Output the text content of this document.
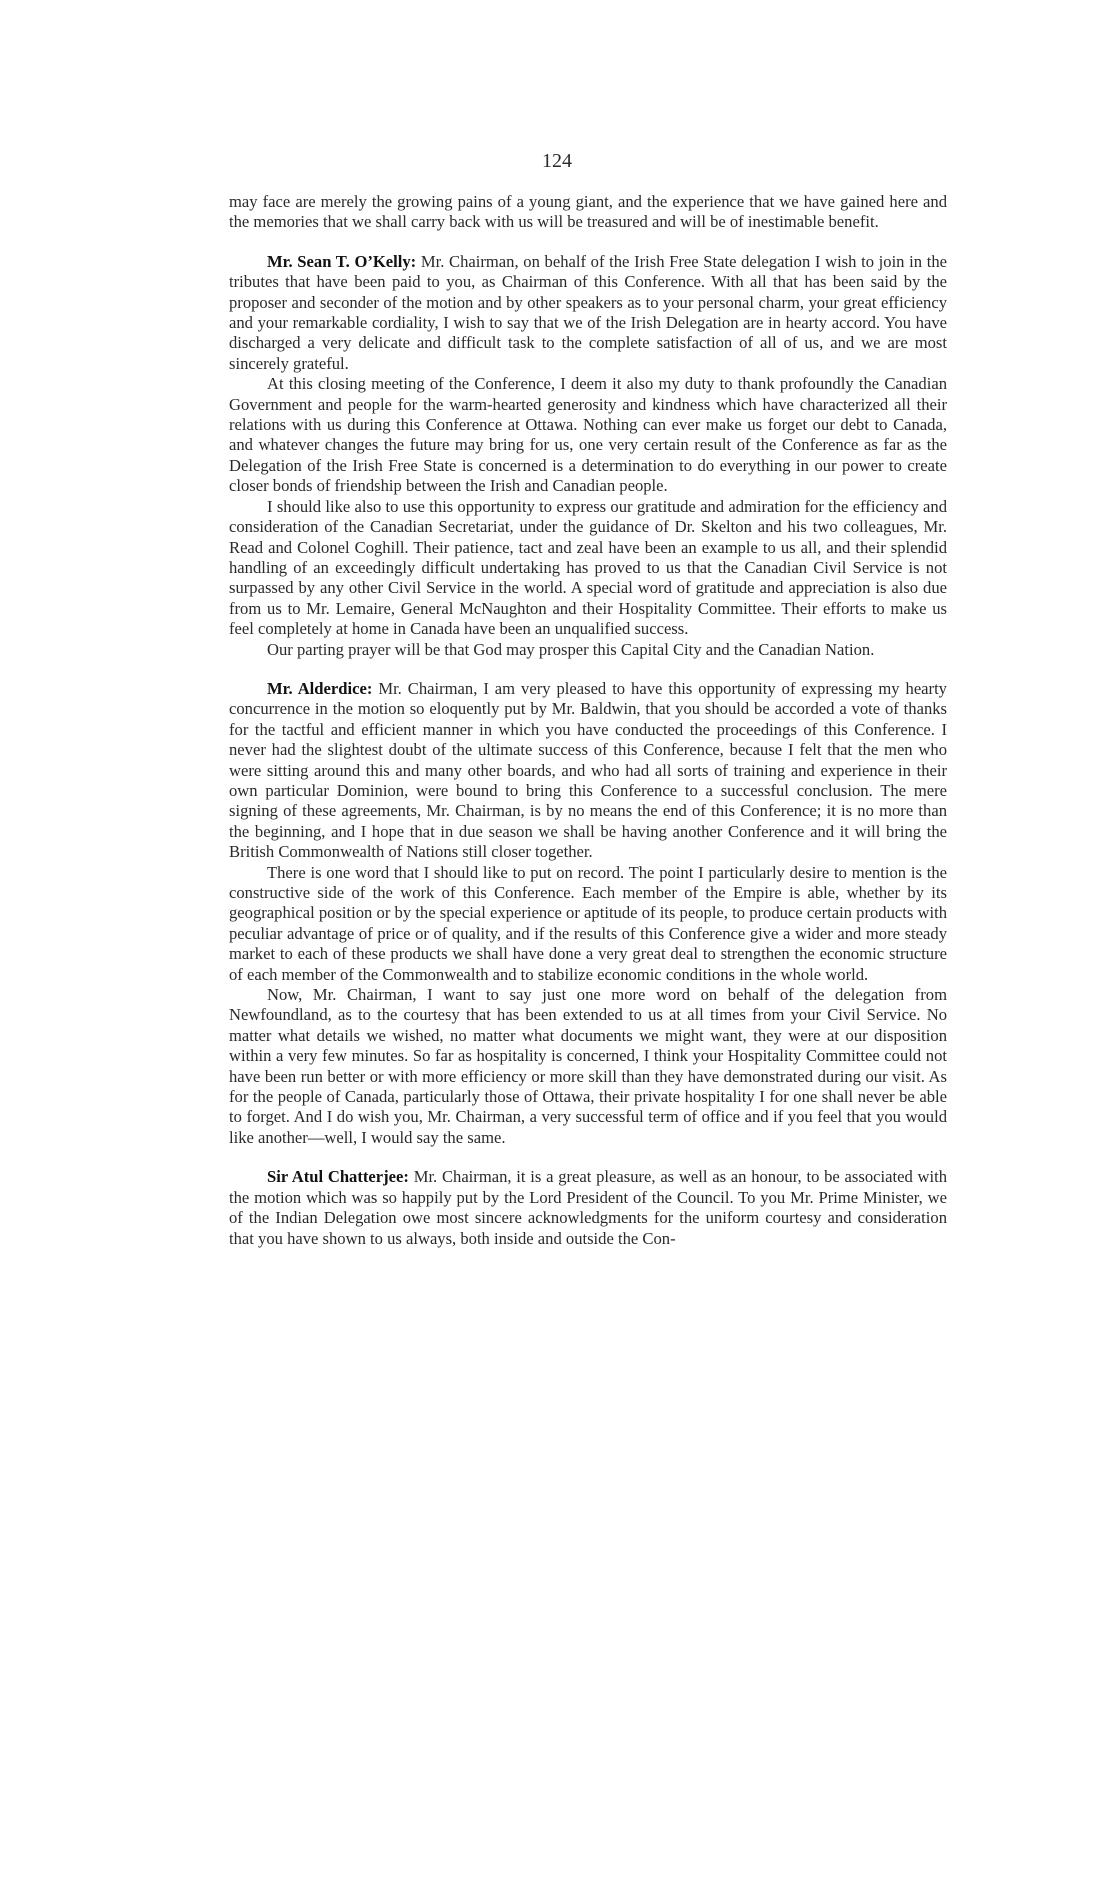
124

may face are merely the growing pains of a young giant, and the experience that we have gained here and the memories that we shall carry back with us will be treasured and will be of inestimable benefit.

Mr. Sean T. O’Kelly: Mr. Chairman, on behalf of the Irish Free State delegation I wish to join in the tributes that have been paid to you, as Chairman of this Conference. With all that has been said by the proposer and seconder of the motion and by other speakers as to your personal charm, your great efficiency and your remarkable cordiality, I wish to say that we of the Irish Delegation are in hearty accord. You have discharged a very delicate and difficult task to the complete satisfaction of all of us, and we are most sincerely grateful.

At this closing meeting of the Conference, I deem it also my duty to thank profoundly the Canadian Government and people for the warm-hearted generosity and kindness which have characterized all their relations with us during this Conference at Ottawa. Nothing can ever make us forget our debt to Canada, and whatever changes the future may bring for us, one very certain result of the Conference as far as the Delegation of the Irish Free State is concerned is a determination to do everything in our power to create closer bonds of friendship between the Irish and Canadian people.

I should like also to use this opportunity to express our gratitude and admiration for the efficiency and consideration of the Canadian Secretariat, under the guidance of Dr. Skelton and his two colleagues, Mr. Read and Colonel Coghill. Their patience, tact and zeal have been an example to us all, and their splendid handling of an exceedingly difficult undertaking has proved to us that the Canadian Civil Service is not surpassed by any other Civil Service in the world. A special word of gratitude and appreciation is also due from us to Mr. Lemaire, General McNaughton and their Hospitality Committee. Their efforts to make us feel completely at home in Canada have been an unqualified success.

Our parting prayer will be that God may prosper this Capital City and the Canadian Nation.

Mr. Alderdice: Mr. Chairman, I am very pleased to have this opportunity of expressing my hearty concurrence in the motion so eloquently put by Mr. Baldwin, that you should be accorded a vote of thanks for the tactful and efficient manner in which you have conducted the proceedings of this Conference. I never had the slightest doubt of the ultimate success of this Conference, because I felt that the men who were sitting around this and many other boards, and who had all sorts of training and experience in their own particular Dominion, were bound to bring this Conference to a successful conclusion. The mere signing of these agreements, Mr. Chairman, is by no means the end of this Conference; it is no more than the beginning, and I hope that in due season we shall be having another Conference and it will bring the British Commonwealth of Nations still closer together.

There is one word that I should like to put on record. The point I particularly desire to mention is the constructive side of the work of this Conference. Each member of the Empire is able, whether by its geographical position or by the special experience or aptitude of its people, to produce certain products with peculiar advantage of price or of quality, and if the results of this Conference give a wider and more steady market to each of these products we shall have done a very great deal to strengthen the economic structure of each member of the Commonwealth and to stabilize economic conditions in the whole world.

Now, Mr. Chairman, I want to say just one more word on behalf of the delegation from Newfoundland, as to the courtesy that has been extended to us at all times from your Civil Service. No matter what details we wished, no matter what documents we might want, they were at our disposition within a very few minutes. So far as hospitality is concerned, I think your Hospitality Committee could not have been run better or with more efficiency or more skill than they have demonstrated during our visit. As for the people of Canada, particularly those of Ottawa, their private hospitality I for one shall never be able to forget. And I do wish you, Mr. Chairman, a very successful term of office and if you feel that you would like another—well, I would say the same.

Sir Atul Chatterjee: Mr. Chairman, it is a great pleasure, as well as an honour, to be associated with the motion which was so happily put by the Lord President of the Council. To you Mr. Prime Minister, we of the Indian Delegation owe most sincere acknowledgments for the uniform courtesy and consideration that you have shown to us always, both inside and outside the Con-
